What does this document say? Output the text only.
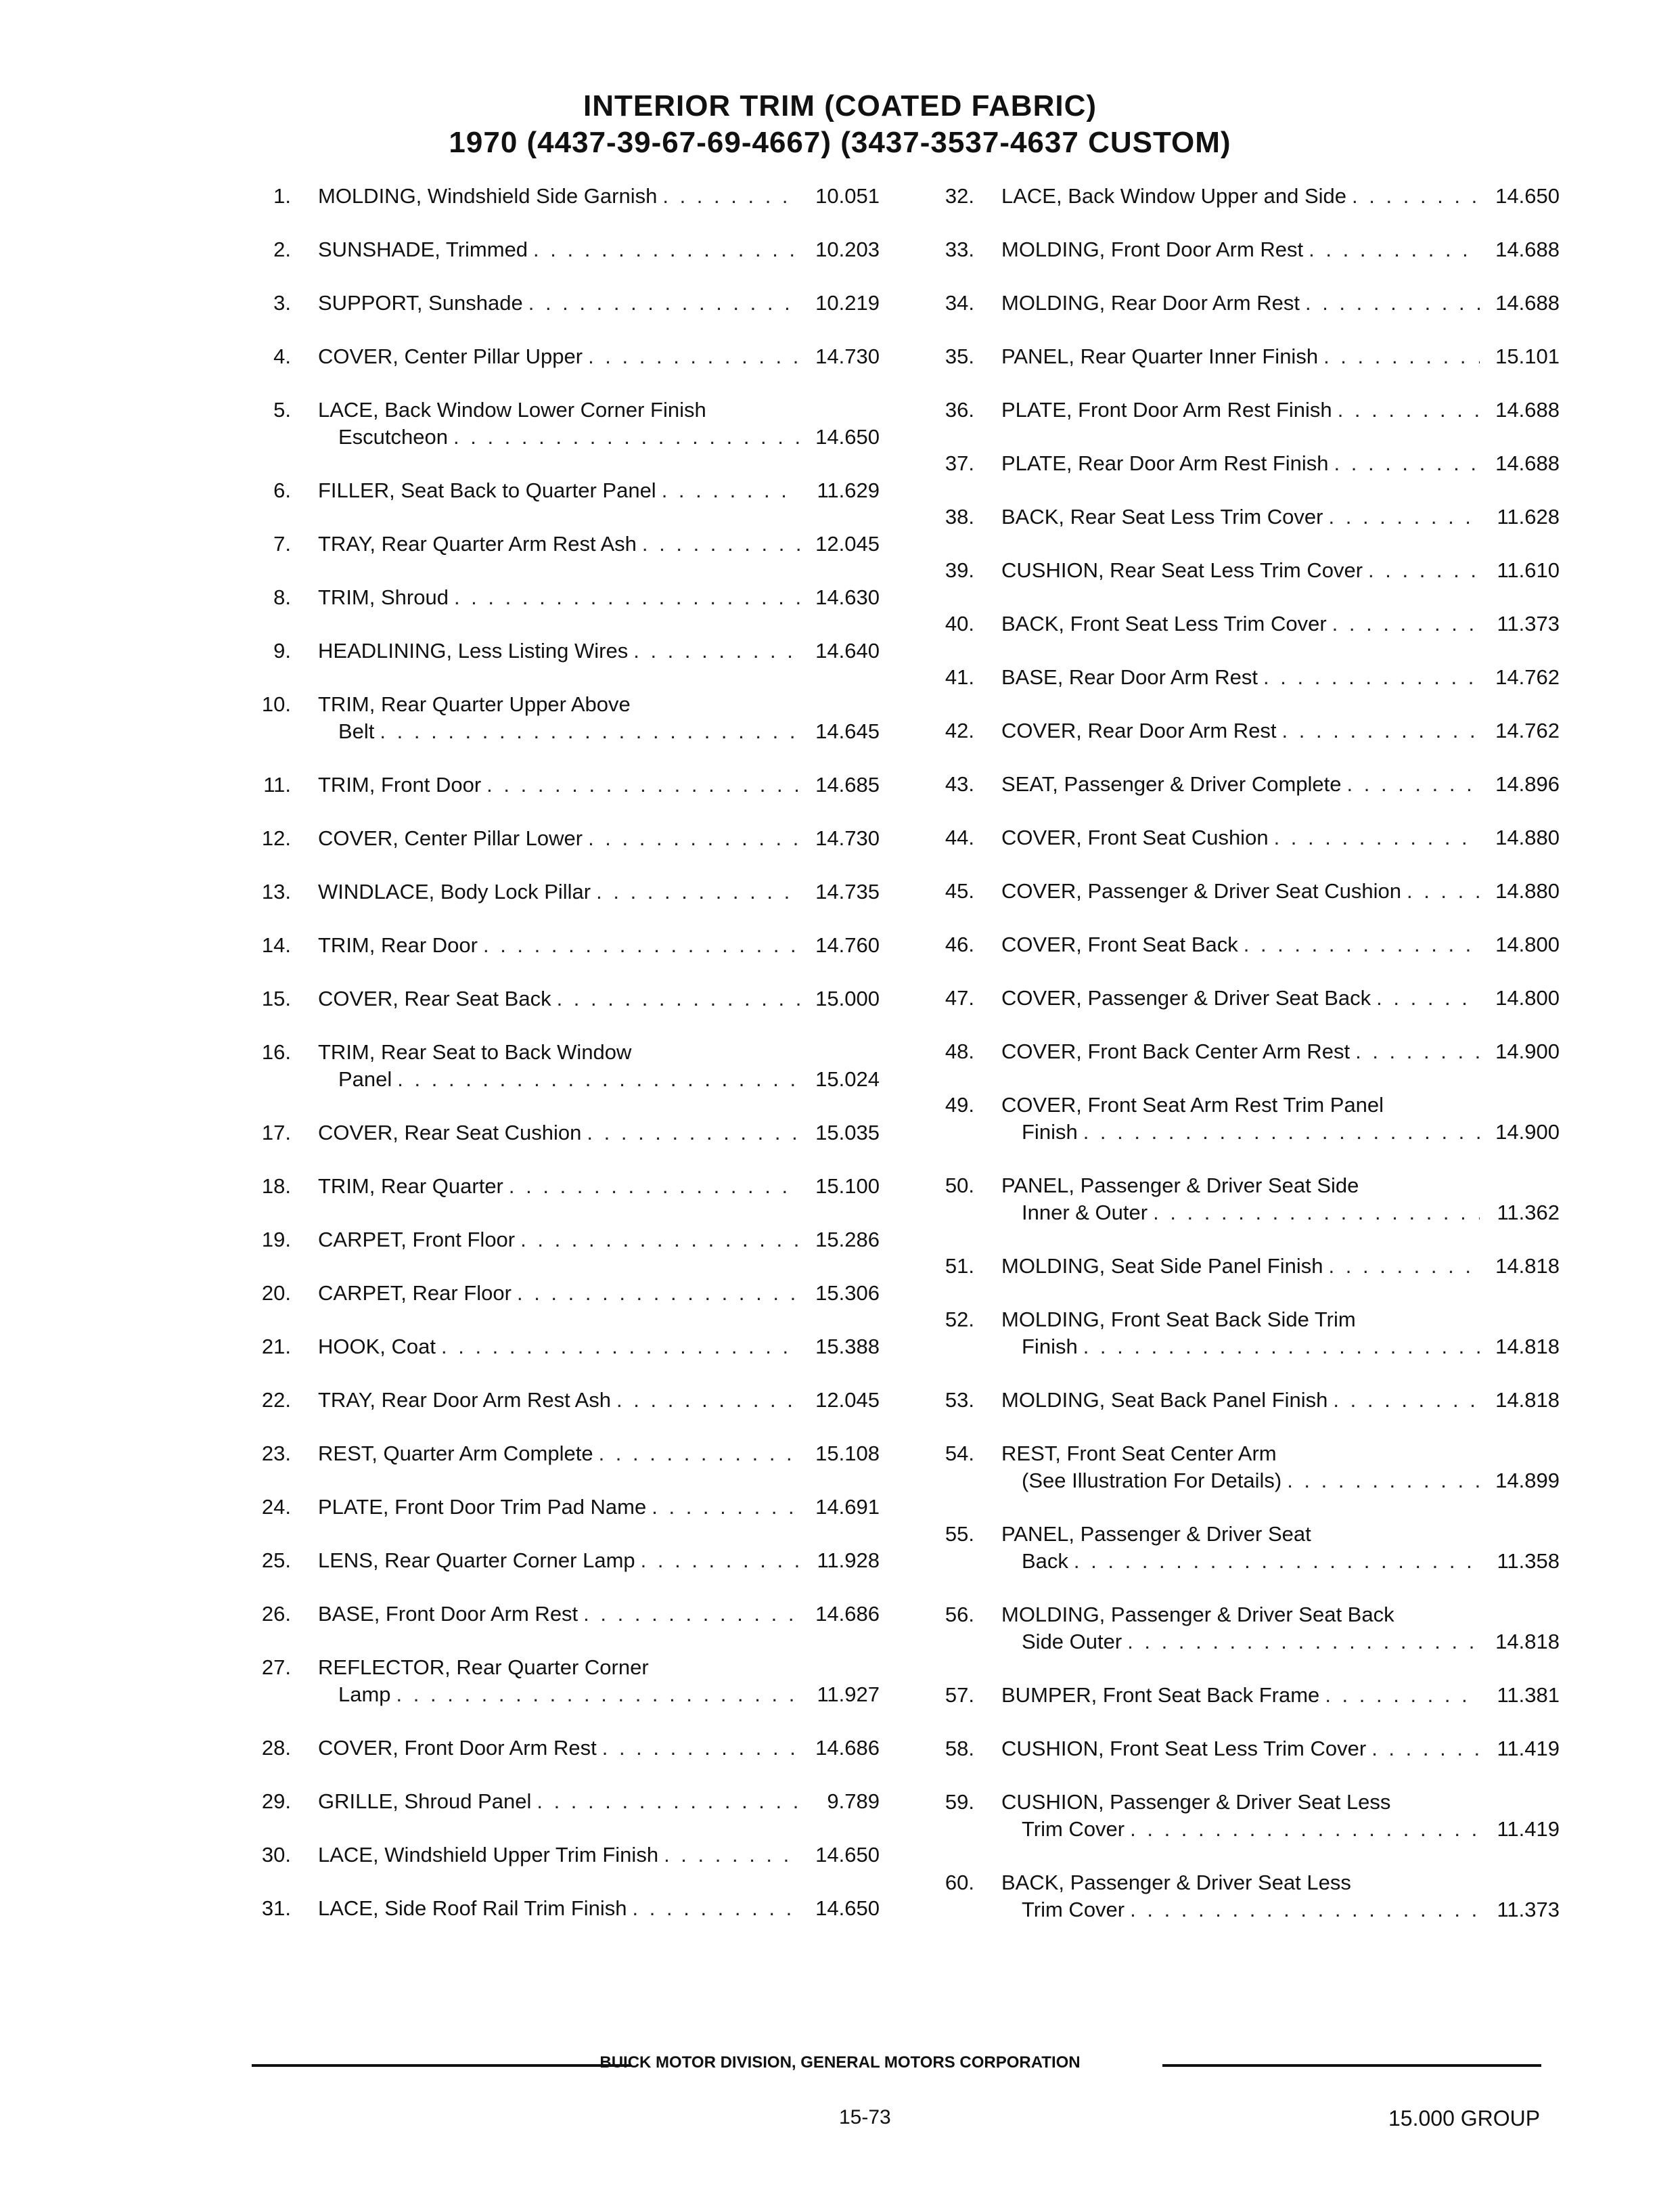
INTERIOR TRIM (COATED FABRIC)
1970 (4437-39-67-69-4667) (3437-3537-4637 CUSTOM)
1. MOLDING, Windshield Side Garnish . . .	10.051
2. SUNSHADE, Trimmed . . .	10.203
3. SUPPORT, Sunshade . . .	10.219
4. COVER, Center Pillar Upper . . .	14.730
5. LACE, Back Window Lower Corner Finish
Escutcheon . . .	14.650
6. FILLER, Seat Back to Quarter Panel . . .	11.629
7. TRAY, Rear Quarter Arm Rest Ash . . .	12.045
8. TRIM, Shroud . . .	14.630
9. HEADLINING, Less Listing Wires . . .	14.640
10. TRIM, Rear Quarter Upper Above
Belt . . .	14.645
11. TRIM, Front Door . . .	14.685
12. COVER, Center Pillar Lower . . .	14.730
13. WINDLACE, Body Lock Pillar . . .	14.735
14. TRIM, Rear Door . . .	14.760
15. COVER, Rear Seat Back . . .	15.000
16. TRIM, Rear Seat to Back Window
Panel . . .	15.024
17. COVER, Rear Seat Cushion . . .	15.035
18. TRIM, Rear Quarter . . .	15.100
19. CARPET, Front Floor . . .	15.286
20. CARPET, Rear Floor . . .	15.306
21. HOOK, Coat . . .	15.388
22. TRAY, Rear Door Arm Rest Ash . . .	12.045
23. REST, Quarter Arm Complete . . .	15.108
24. PLATE, Front Door Trim Pad Name . . .	14.691
25. LENS, Rear Quarter Corner Lamp . . .	11.928
26. BASE, Front Door Arm Rest . . .	14.686
27. REFLECTOR, Rear Quarter Corner
Lamp . . .	11.927
28. COVER, Front Door Arm Rest . . .	14.686
29. GRILLE, Shroud Panel . . .	9.789
30. LACE, Windshield Upper Trim Finish . . .	14.650
31. LACE, Side Roof Rail Trim Finish . . .	14.650
32. LACE, Back Window Upper and Side . . .	14.650
33. MOLDING, Front Door Arm Rest . . .	14.688
34. MOLDING, Rear Door Arm Rest . . .	14.688
35. PANEL, Rear Quarter Inner Finish . . .	15.101
36. PLATE, Front Door Arm Rest Finish . . .	14.688
37. PLATE, Rear Door Arm Rest Finish . . .	14.688
38. BACK, Rear Seat Less Trim Cover . . .	11.628
39. CUSHION, Rear Seat Less Trim Cover . . .	11.610
40. BACK, Front Seat Less Trim Cover . . .	11.373
41. BASE, Rear Door Arm Rest . . .	14.762
42. COVER, Rear Door Arm Rest . . .	14.762
43. SEAT, Passenger & Driver Complete . . .	14.896
44. COVER, Front Seat Cushion . . .	14.880
45. COVER, Passenger & Driver Seat Cushion . . .	14.880
46. COVER, Front Seat Back . . .	14.800
47. COVER, Passenger & Driver Seat Back . . .	14.800
48. COVER, Front Back Center Arm Rest . . .	14.900
49. COVER, Front Seat Arm Rest Trim Panel
Finish . . .	14.900
50. PANEL, Passenger & Driver Seat Side
Inner & Outer . . .	11.362
51. MOLDING, Seat Side Panel Finish . . .	14.818
52. MOLDING, Front Seat Back Side Trim
Finish . . .	14.818
53. MOLDING, Seat Back Panel Finish . . .	14.818
54. REST, Front Seat Center Arm
(See Illustration For Details) . . .	14.899
55. PANEL, Passenger & Driver Seat
Back . . .	11.358
56. MOLDING, Passenger & Driver Seat Back
Side Outer . . .	14.818
57. BUMPER, Front Seat Back Frame . . .	11.381
58. CUSHION, Front Seat Less Trim Cover . . .	11.419
59. CUSHION, Passenger & Driver Seat Less
Trim Cover . . .	11.419
60. BACK, Passenger & Driver Seat Less
Trim Cover . . .	11.373
BUICK MOTOR DIVISION, GENERAL MOTORS CORPORATION
15-73	15.000 GROUP
